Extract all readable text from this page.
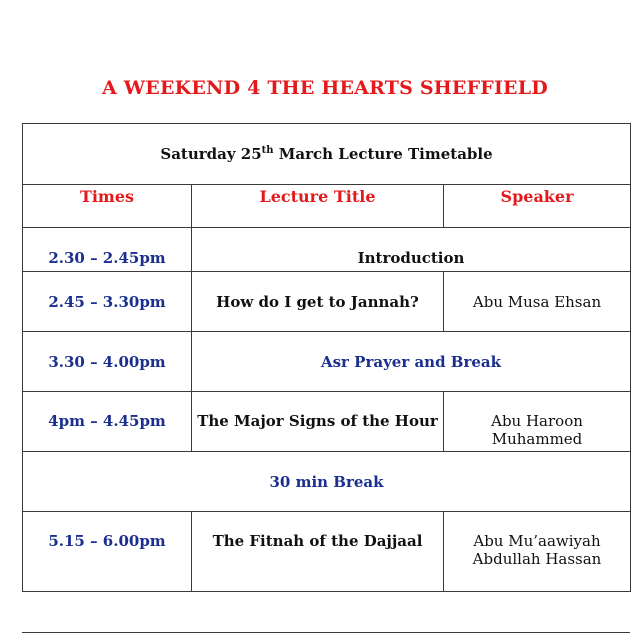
A WEEKEND 4 THE HEARTS SHEFFIELD
Saturday 25th March Lecture Timetable		
Times	Lecture Title	Speaker
2.30 – 2.45pm	Introduction	
2.45 – 3.30pm	How do I get to Jannah?	Abu Musa Ehsan
3.30 – 4.00pm	Asr Prayer and Break	
4pm – 4.45pm	The Major Signs of the Hour	Abu Haroon
Muhammed

30 min Break		
5.15 – 6.00pm	The Fitnah of the Dajjaal	Abu Mu’aawiyah
Abdullah Hassan
